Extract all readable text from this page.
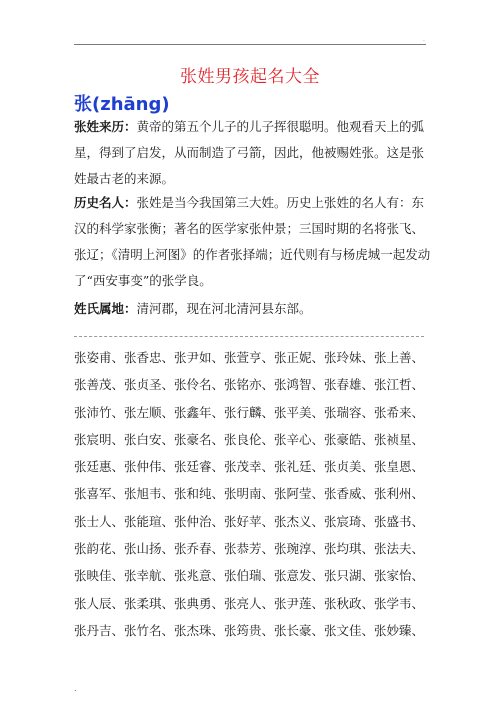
.
张姓男孩起名大全
张(zhāng)
张姓来历：黄帝的第五个儿子的儿子挥很聪明。他观看天上的弧星，得到了启发，从而制造了弓箭，因此，他被赐姓张。这是张姓最古老的来源。
历史名人：张姓是当今我国第三大姓。历史上张姓的名人有：东汉的科学家张衡；著名的医学家张仲景；三国时期的名将张飞、张辽；《清明上河图》的作者张择端；近代则有与杨虎城一起发动了“西安事变”的张学良。
姓氏属地：清河郡，现在河北清河县东部。
张姿甫、张香忠、张尹如、张萱亨、张正妮、张玲妹、张上善、
张善茂、张贞圣、张伶名、张铭亦、张鸿智、张春雄、张江哲、
张沛竹、张左顺、张鑫年、张行麟、张平美、张瑞容、张希来、
张宸明、张白安、张豪名、张良伦、张辛心、张豪皓、张祯星、
张廷惠、张仲伟、张廷睿、张茂幸、张礼廷、张贞美、张皇恩、
张喜军、张旭韦、张和纯、张明南、张阿莹、张香威、张利州、
张士人、张能瑄、张仲治、张好苹、张杰义、张宸琦、张盛书、
张韵花、张山扬、张乔春、张恭芳、张琬淳、张均琪、张法夫、
张映佳、张幸航、张兆意、张伯瑞、张意发、张只湖、张家怡、
张人辰、张柔琪、张典勇、张亮人、张尹莲、张秋政、张学韦、
张丹吉、张竹名、张杰珠、张筠贵、张长豪、张文佳、张妙臻、
.
